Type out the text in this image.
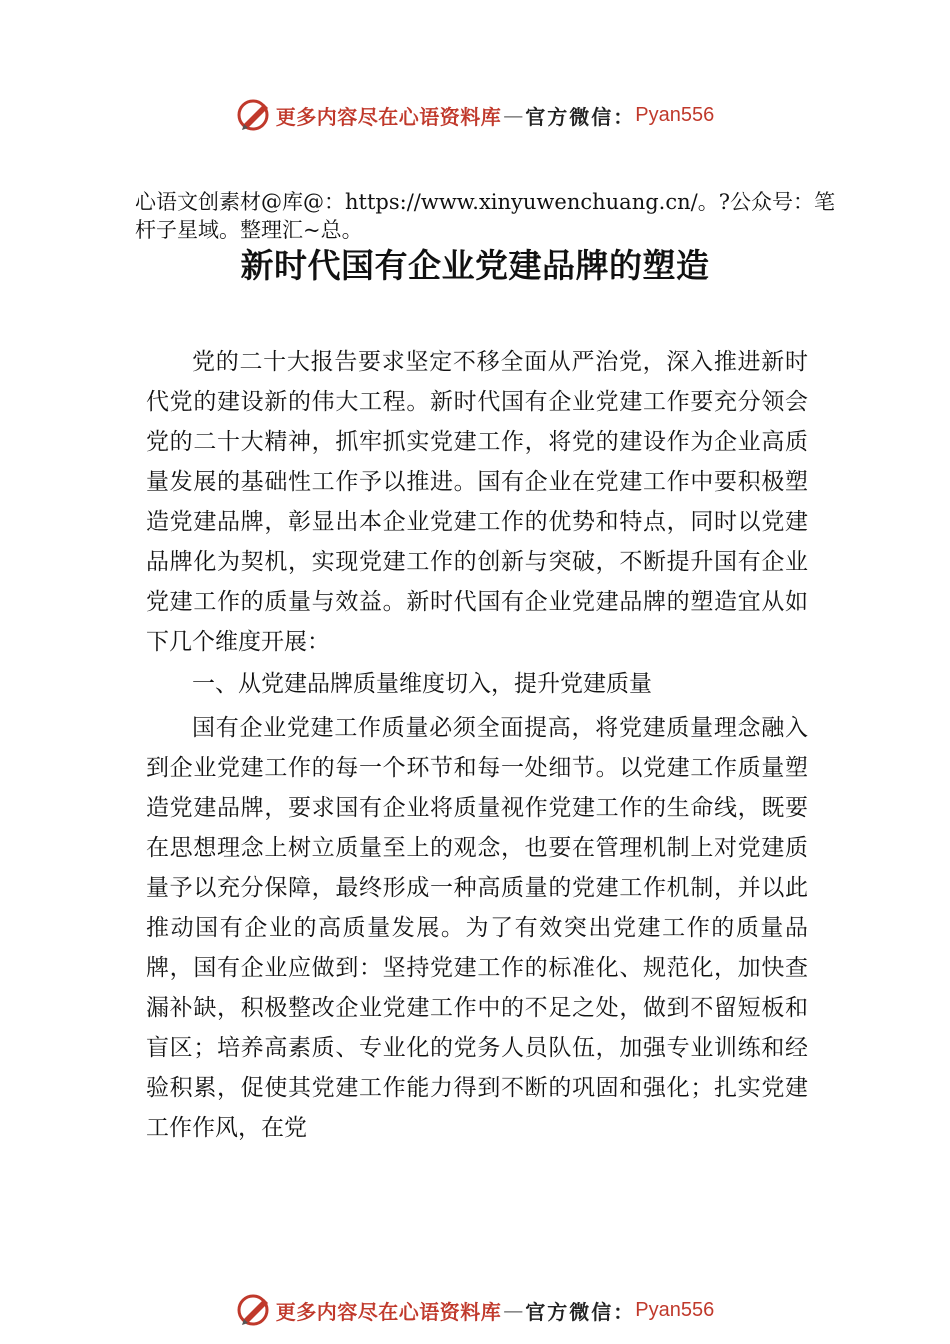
更多内容尽在心语资料库 — 官方微信： Pyan556

心语文创素材@库@：https://www.xinyuwenchuang.cn/。?公众号：笔杆子星域。整理汇~总。

新时代国有企业党建品牌的塑造

党的二十大报告要求坚定不移全面从严治党，深入推进新时代党的建设新的伟大工程。新时代国有企业党建工作要充分领会党的二十大精神，抓牢抓实党建工作，将党的建设作为企业高质量发展的基础性工作予以推进。国有企业在党建工作中要积极塑造党建品牌，彰显出本企业党建工作的优势和特点，同时以党建品牌化为契机，实现党建工作的创新与突破，不断提升国有企业党建工作的质量与效益。新时代国有企业党建品牌的塑造宜从如下几个维度开展：

一、从党建品牌质量维度切入，提升党建质量

国有企业党建工作质量必须全面提高，将党建质量理念融入到企业党建工作的每一个环节和每一处细节。以党建工作质量塑造党建品牌，要求国有企业将质量视作党建工作的生命线，既要在思想理念上树立质量至上的观念，也要在管理机制上对党建质量予以充分保障，最终形成一种高质量的党建工作机制，并以此推动国有企业的高质量发展。为了有效突出党建工作的质量品牌，国有企业应做到：坚持党建工作的标准化、规范化，加快查漏补缺，积极整改企业党建工作中的不足之处，做到不留短板和盲区；培养高素质、专业化的党务人员队伍，加强专业训练和经验积累，促使其党建工作能力得到不断的巩固和强化；扎实党建工作作风，在党

更多内容尽在心语资料库 — 官方微信： Pyan556
